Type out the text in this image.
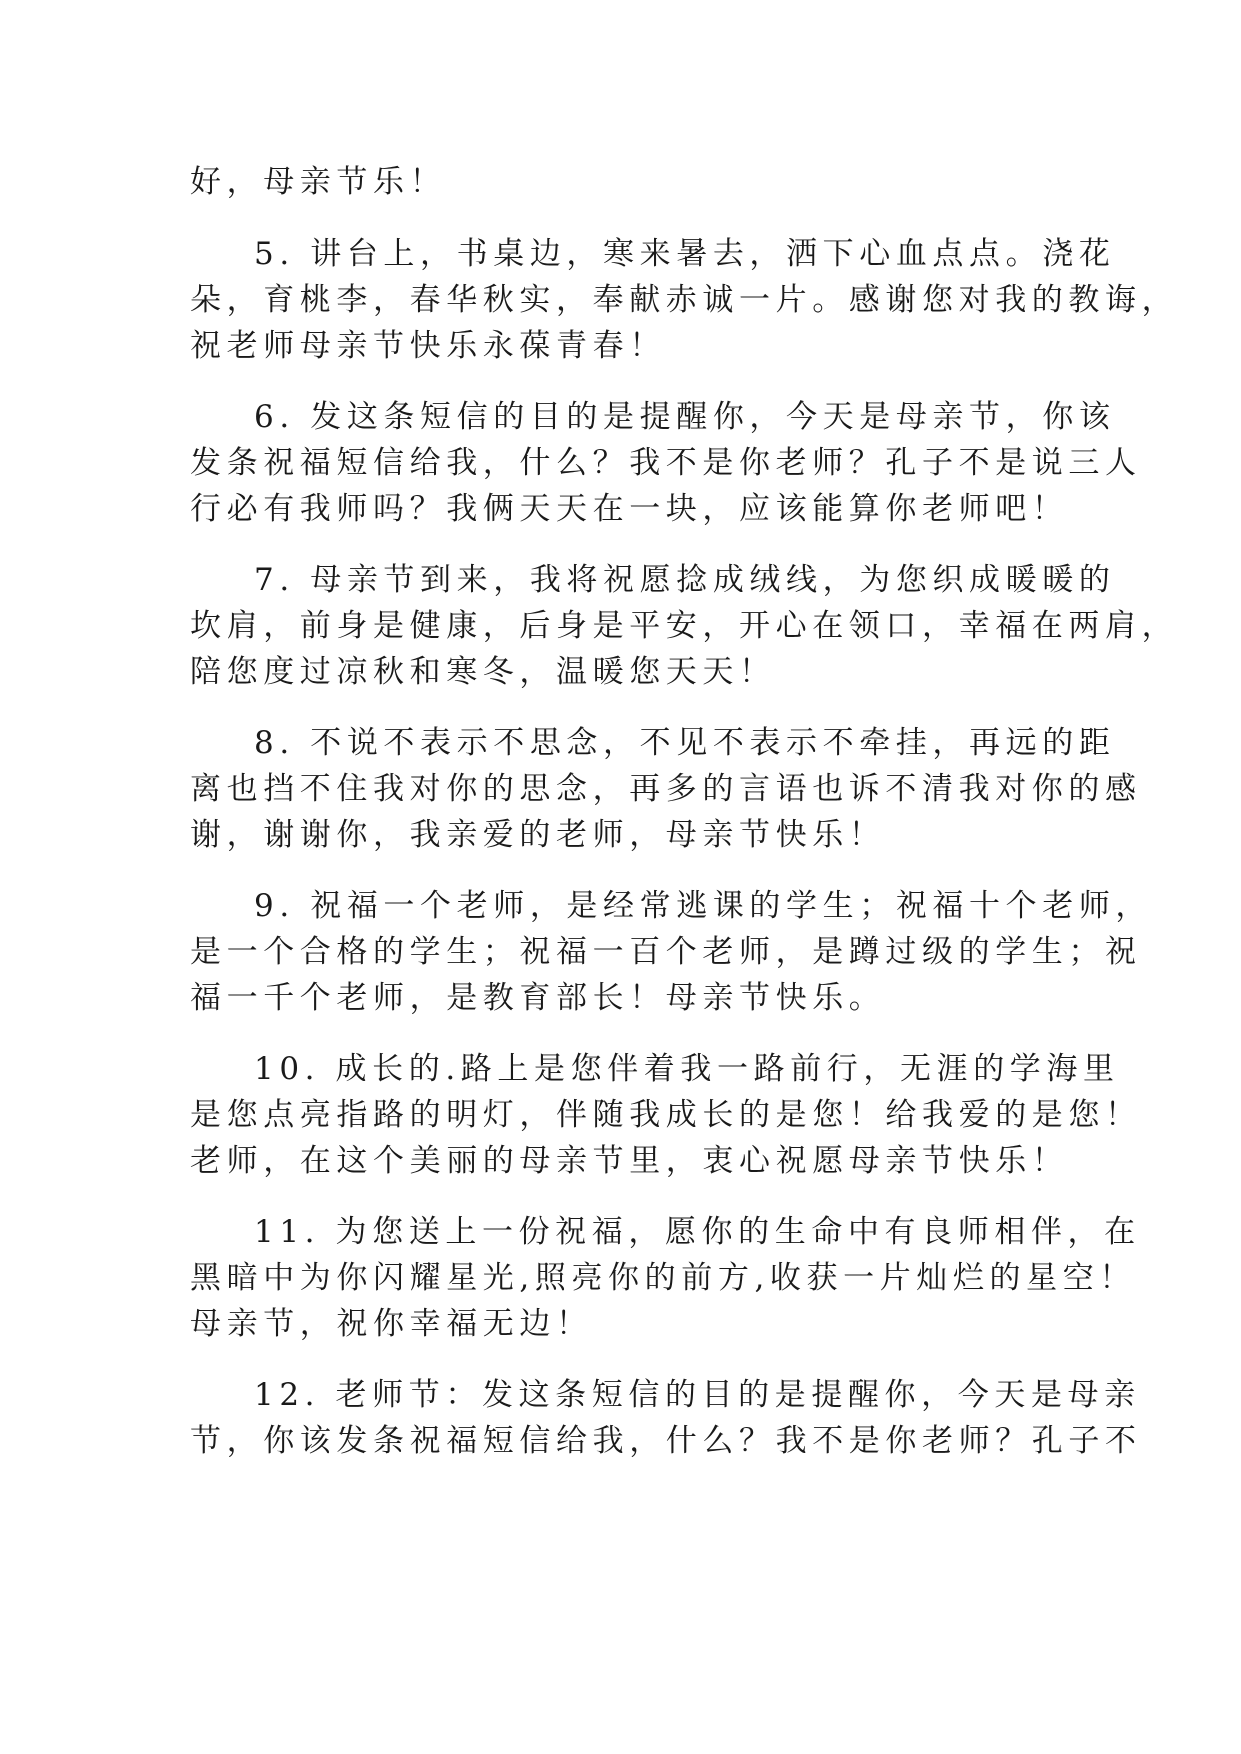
好，母亲节乐！
5. 讲台上，书桌边，寒来暑去，洒下心血点点。浇花
朵，育桃李，春华秋实，奉献赤诚一片。感谢您对我的教诲，
祝老师母亲节快乐永葆青春！
6. 发这条短信的目的是提醒你，今天是母亲节，你该
发条祝福短信给我，什么？我不是你老师？孔子不是说三人
行必有我师吗？我俩天天在一块，应该能算你老师吧！
7. 母亲节到来，我将祝愿捻成绒线，为您织成暖暖的
坎肩，前身是健康，后身是平安，开心在领口，幸福在两肩，
陪您度过凉秋和寒冬，温暖您天天！
8. 不说不表示不思念，不见不表示不牵挂，再远的距
离也挡不住我对你的思念，再多的言语也诉不清我对你的感
谢，谢谢你，我亲爱的老师，母亲节快乐！
9. 祝福一个老师，是经常逃课的学生；祝福十个老师，
是一个合格的学生；祝福一百个老师，是蹲过级的学生；祝
福一千个老师，是教育部长！母亲节快乐。
10. 成长的.路上是您伴着我一路前行，无涯的学海里
是您点亮指路的明灯，伴随我成长的是您！给我爱的是您！
老师，在这个美丽的母亲节里，衷心祝愿母亲节快乐！
11. 为您送上一份祝福，愿你的生命中有良师相伴，在
黑暗中为你闪耀星光,照亮你的前方,收获一片灿烂的星空！
母亲节，祝你幸福无边！
12. 老师节：发这条短信的目的是提醒你，今天是母亲
节，你该发条祝福短信给我，什么？我不是你老师？孔子不
